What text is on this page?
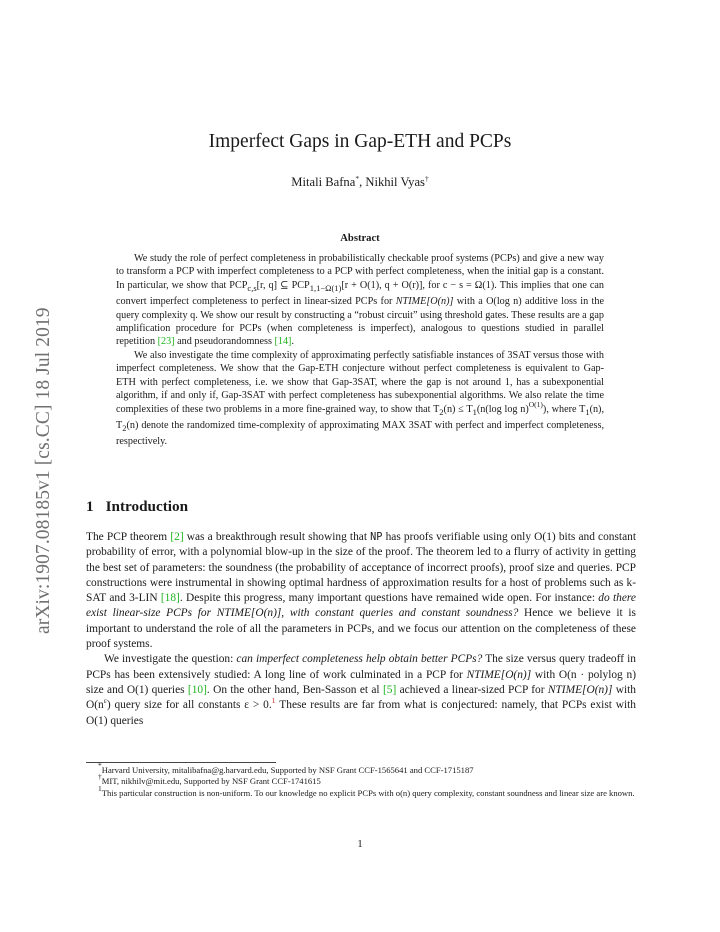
arXiv:1907.08185v1 [cs.CC] 18 Jul 2019
Imperfect Gaps in Gap-ETH and PCPs
Mitali Bafna*, Nikhil Vyas†
Abstract

We study the role of perfect completeness in probabilistically checkable proof systems (PCPs) and give a new way to transform a PCP with imperfect completeness to a PCP with perfect completeness, when the initial gap is a constant. In particular, we show that $PCP_{c,s}[r$, q] ⊆ $PCP_{1,1-\Omega(1)}[r + O(1)$, q + O(r)], for c − s = Ω(1). This implies that one can convert imperfect completeness to perfect in linear-sized PCPs for NTIME[O(n)] with a O(log n) additive loss in the query complexity q. We show our result by constructing a “robust circuit” using threshold gates. These results are a gap amplification procedure for PCPs (when completeness is imperfect), analogous to questions studied in parallel repetition [23] and pseudorandomness [14].

We also investigate the time complexity of approximating perfectly satisfiable instances of 3SAT versus those with imperfect completeness. We show that the Gap-ETH conjecture without perfect completeness is equivalent to Gap-ETH with perfect completeness, i.e. we show that Gap-3SAT, where the gap is not around 1, has a subexponential algorithm, if and only if, Gap-3SAT with perfect completeness has subexponential algorithms. We also relate the time complexities of these two problems in a more fine-grained way, to show that $T_2(n) \le T_1(n(\log$ log n)$^{O(1)}$), where $T_1(n)$, $T_2(n)$ denote the randomized time-complexity of approximating MAX 3SAT with perfect and imperfect completeness, respectively.

1 Introduction

The PCP theorem [2] was a breakthrough result showing that NP has proofs verifiable using only O(1) bits and constant probability of error, with a polynomial blow-up in the size of the proof. The theorem led to a flurry of activity in getting the best set of parameters: the soundness (the probability of acceptance of incorrect proofs), proof size and queries. PCP constructions were instrumental in showing optimal hardness of approximation results for a host of problems such as k-SAT and 3-LIN [18]. Despite this progress, many important questions have remained wide open. For instance: do there exist linear-size PCPs for NTIME[O(n)], with constant queries and constant soundness? Hence we believe it is important to understand the role of all the parameters in PCPs, and we focus our attention on the completeness of these proof systems.

We investigate the question: can imperfect completeness help obtain better PCPs? The size versus query tradeoff in PCPs has been extensively studied: A long line of work culminated in a PCP for NTIME[O(n)] with O(n · polylog n) size and O(1) queries [10]. On the other hand, Ben-Sasson et al [5] achieved a linear-sized PCP for NTIME[O(n)] with $O(n^\varepsilon)$ query size for all constants ε > 0.$^1$ These results are far from what is conjectured: namely, that PCPs exist with O(1) queries

*Harvard University, mitalibafna@g.harvard.edu, Supported by NSF Grant CCF-1565641 and CCF-1715187

†MIT, nikhilv@mit.edu, Supported by NSF Grant CCF-1741615

$^1$This particular construction is non-uniform. To our knowledge no explicit PCPs with o(n) query complexity, constant soundness and linear size are known.

1
